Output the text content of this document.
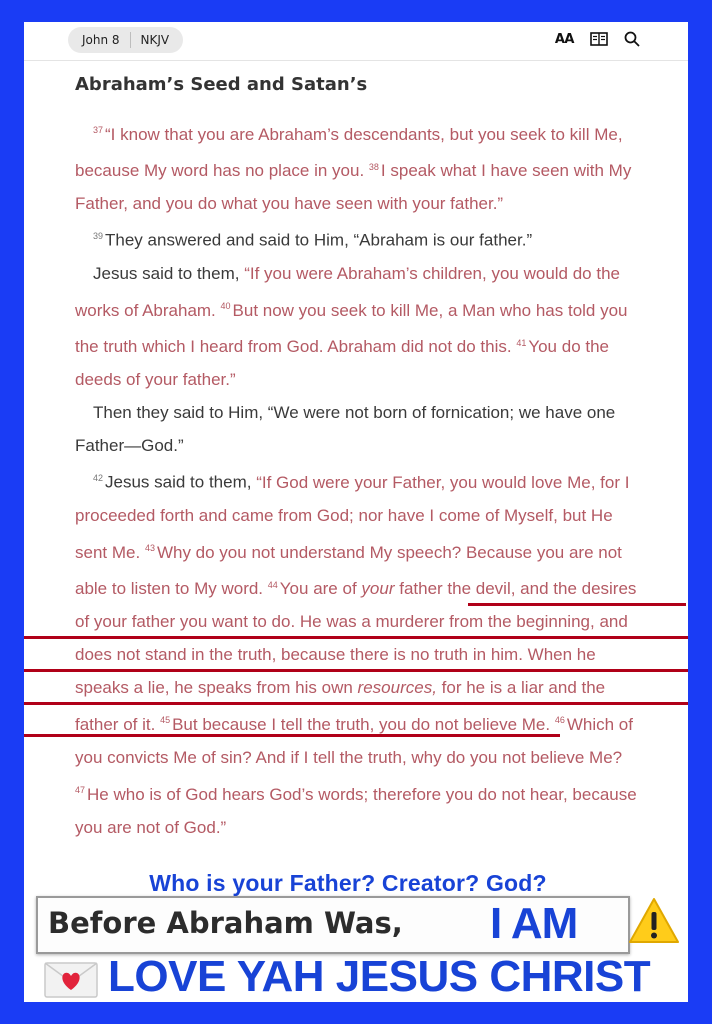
John 8	NKJV	AA
Abraham’s Seed and Satan’s

$^{37}$ “I know that you are Abraham’s descendants, but you seek to kill Me, because My word has no place in you. $^{38}$ I speak what I have seen with My Father, and you do what you have seen with your father.”

$^{39}$ They answered and said to Him, “Abraham is our father.”

Jesus said to them, “If you were Abraham’s children, you would do the works of Abraham. $^{40}$ But now you seek to kill Me, a Man who has told you the truth which I heard from God. Abraham did not do this. $^{41}$ You do the deeds of your father.”

Then they said to Him, “We were not born of fornication; we have one Father—God.”

$^{42}$ Jesus said to them, “If God were your Father, you would love Me, for I proceeded forth and came from God; nor have I come of Myself, but He sent Me. $^{43}$ Why do you not understand My speech? Because you are not able to listen to My word. $^{44}$ You are of your father the devil, and the desires of your father you want to do. He was a murderer from the beginning, and does not stand in the truth, because there is no truth in him. When he speaks a lie, he speaks from his own resources, for he is a liar and the father of it. $^{45}$ But because I tell the truth, you do not believe Me. $^{46}$ Which of you convicts Me of sin? And if I tell the truth, why do you not believe Me? $^{47}$ He who is of God hears God’s words; therefore you do not hear, because you are not of God.”

Who is your Father? Creator? God?
Before Abraham Was, I AM
LOVE YAH JESUS CHRIST
